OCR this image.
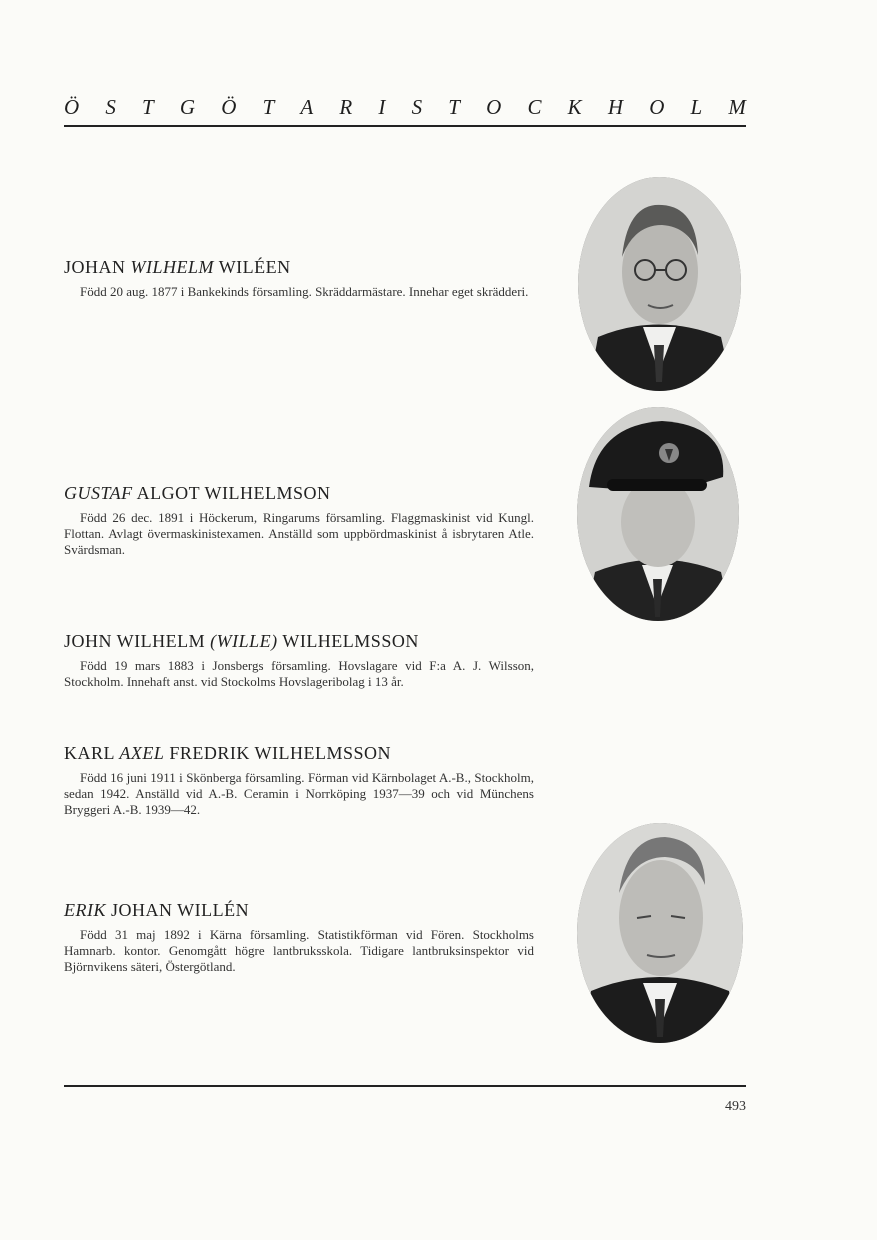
Ö S T G Ö T A R I S T O C K H O L M
JOHAN WILHELM WILÉEN
Född 20 aug. 1877 i Bankekinds församling. Skräddarmästare. Innehar eget skrädderi.
GUSTAF ALGOT WILHELMSON
Född 26 dec. 1891 i Höckerum, Ringarums församling. Flaggmaskinist vid Kungl. Flottan. Avlagt övermaskinistexamen. Anställd som uppbördmaskinist å isbrytaren Atle. Svärdsman.
JOHN WILHELM (WILLE) WILHELMSSON
Född 19 mars 1883 i Jonsbergs församling. Hovslagare vid F:a A. J. Wilsson, Stockholm. Innehaft anst. vid Stockolms Hovslageribolag i 13 år.
KARL AXEL FREDRIK WILHELMSSON
Född 16 juni 1911 i Skönberga församling. Förman vid Kärnbolaget A.-B., Stockholm, sedan 1942. Anställd vid A.-B. Ceramin i Norrköping 1937—39 och vid Münchens Bryggeri A.-B. 1939—42.
ERIK JOHAN WILLÉN
Född 31 maj 1892 i Kärna församling. Statistikförman vid Fören. Stockholms Hamnarb. kontor. Genomgått högre lantbruksskola. Tidigare lantbruksinspektor vid Björnvikens säteri, Östergötland.
493
